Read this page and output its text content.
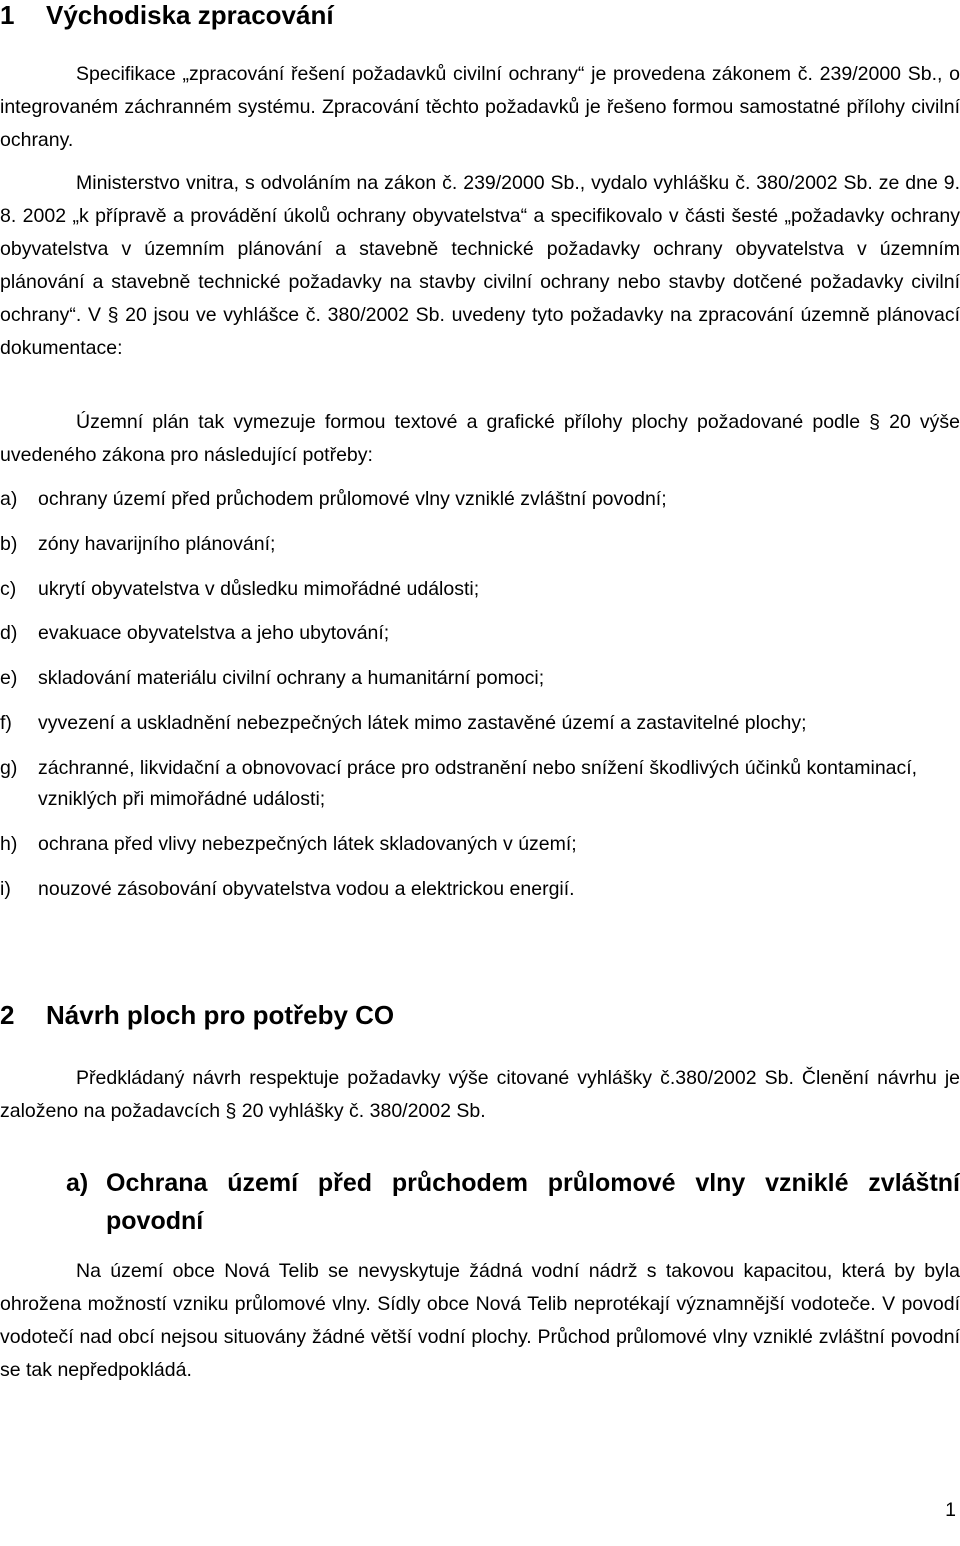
1 Východiska zpracování

Specifikace „zpracování řešení požadavků civilní ochrany“ je provedena zákonem č. 239/2000 Sb., o integrovaném záchranném systému. Zpracování těchto požadavků je řešeno formou samostatné přílohy civilní ochrany.

Ministerstvo vnitra, s odvoláním na zákon č. 239/2000 Sb., vydalo vyhlášku č. 380/2002 Sb. ze dne 9. 8. 2002 „k přípravě a provádění úkolů ochrany obyvatelstva“ a specifikovalo v části šesté „požadavky ochrany obyvatelstva v územním plánování a stavebně technické požadavky ochrany obyvatelstva v územním plánování a stavebně technické požadavky na stavby civilní ochrany nebo stavby dotčené požadavky civilní ochrany“. V § 20 jsou ve vyhlášce č. 380/2002 Sb. uvedeny tyto požadavky na zpracování územně plánovací dokumentace:

Územní plán tak vymezuje formou textové a grafické přílohy plochy požadované podle § 20 výše uvedeného zákona pro následující potřeby:

a)	ochrany území před průchodem průlomové vlny vzniklé zvláštní povodní;
b)	zóny havarijního plánování;
c)	ukrytí obyvatelstva v důsledku mimořádné události;
d)	evakuace obyvatelstva a jeho ubytování;
e)	skladování materiálu civilní ochrany a humanitární pomoci;
f)	vyvezení a uskladnění nebezpečných látek mimo zastavěné území a zastavitelné plochy;
g)	záchranné, likvidační a obnovovací práce pro odstranění nebo snížení škodlivých účinků kontaminací, vzniklých při mimořádné události;
h)	ochrana před vlivy nebezpečných látek skladovaných v území;
i)	nouzové zásobování obyvatelstva vodou a elektrickou energií.
2 Návrh ploch pro potřeby CO

Předkládaný návrh respektuje požadavky výše citované vyhlášky č.380/2002 Sb. Členění návrhu je založeno na požadavcích § 20 vyhlášky č. 380/2002 Sb.

a) Ochrana území před průchodem průlomové vlny vzniklé zvláštní povodní

Na území obce Nová Telib se nevyskytuje žádná vodní nádrž s takovou kapacitou, která by byla ohrožena možností vzniku průlomové vlny. Sídly obce Nová Telib neprotékají významnější vodoteče. V povodí vodotečí nad obcí nejsou situovány žádné větší vodní plochy. Průchod průlomové vlny vzniklé zvláštní povodní se tak nepředpokládá.

1
